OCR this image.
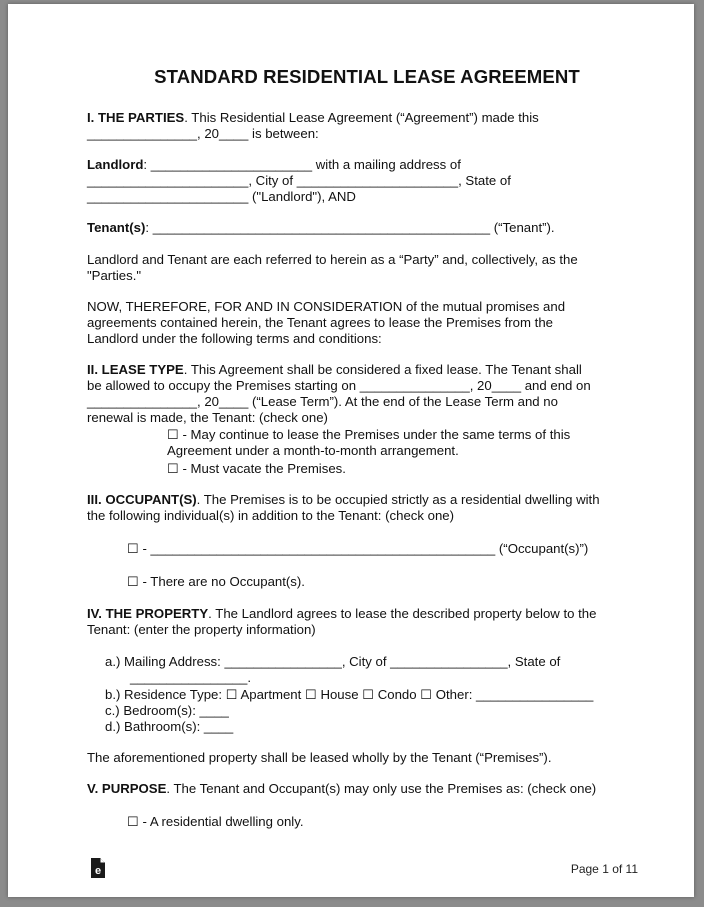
STANDARD RESIDENTIAL LEASE AGREEMENT
I. THE PARTIES. This Residential Lease Agreement (“Agreement”) made this
_______________, 20____ is between:
Landlord: ______________________ with a mailing address of
______________________, City of ______________________, State of
______________________ ("Landlord"), AND
Tenant(s): ______________________________________________ (“Tenant”).
Landlord and Tenant are each referred to herein as a “Party” and, collectively, as the
"Parties."
NOW, THEREFORE, FOR AND IN CONSIDERATION of the mutual promises and
agreements contained herein, the Tenant agrees to lease the Premises from the
Landlord under the following terms and conditions:
II. LEASE TYPE. This Agreement shall be considered a fixed lease. The Tenant shall
be allowed to occupy the Premises starting on _______________, 20____ and end on
_______________, 20____ (“Lease Term”). At the end of the Lease Term and no
renewal is made, the Tenant: (check one)
☐ - May continue to lease the Premises under the same terms of this
Agreement under a month-to-month arrangement.
☐ - Must vacate the Premises.
III. OCCUPANT(S). The Premises is to be occupied strictly as a residential dwelling with
the following individual(s) in addition to the Tenant: (check one)
☐ - _______________________________________________ (“Occupant(s)”)
☐ - There are no Occupant(s).
IV. THE PROPERTY. The Landlord agrees to lease the described property below to the
Tenant: (enter the property information)
a.) Mailing Address: ________________, City of ________________, State of
________________.
b.) Residence Type: ☐ Apartment ☐ House ☐ Condo ☐ Other: ________________
c.) Bedroom(s): ____
d.) Bathroom(s): ____
The aforementioned property shall be leased wholly by the Tenant (“Premises”).
V. PURPOSE. The Tenant and Occupant(s) may only use the Premises as: (check one)
☐ - A residential dwelling only.
e	Page 1 of 11
